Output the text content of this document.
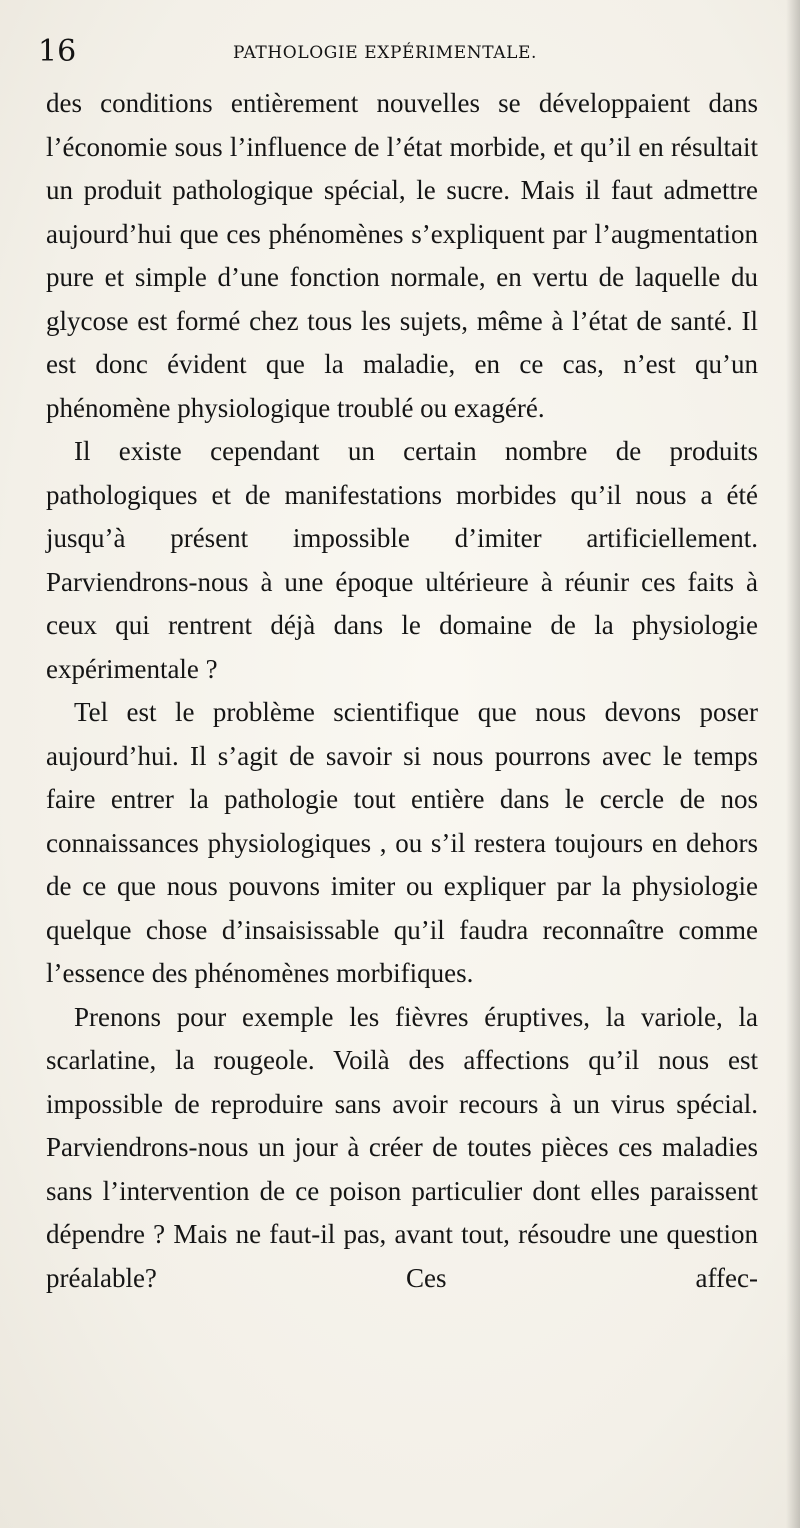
16	PATHOLOGIE EXPÉRIMENTALE.

des conditions entièrement nouvelles se développaient dans l’économie sous l’influence de l’état morbide, et qu’il en résultait un produit pathologique spécial, le sucre. Mais il faut admettre aujourd’hui que ces phénomènes s’expliquent par l’augmentation pure et simple d’une fonction normale, en vertu de laquelle du glycose est formé chez tous les sujets, même à l’état de santé. Il est donc évident que la maladie, en ce cas, n’est qu’un phénomène physiologique troublé ou exagéré.

Il existe cependant un certain nombre de produits pathologiques et de manifestations morbides qu’il nous a été jusqu’à présent impossible d’imiter artificiellement. Parviendrons-nous à une époque ultérieure à réunir ces faits à ceux qui rentrent déjà dans le domaine de la physiologie expérimentale ?

Tel est le problème scientifique que nous devons poser aujourd’hui. Il s’agit de savoir si nous pourrons avec le temps faire entrer la pathologie tout entière dans le cercle de nos connaissances physiologiques , ou s’il restera toujours en dehors de ce que nous pouvons imiter ou expliquer par la physiologie quelque chose d’insaisissable qu’il faudra reconnaître comme l’essence des phénomènes morbifiques.

Prenons pour exemple les fièvres éruptives, la variole, la scarlatine, la rougeole. Voilà des affections qu’il nous est impossible de reproduire sans avoir recours à un virus spécial. Parviendrons-nous un jour à créer de toutes pièces ces maladies sans l’intervention de ce poison particulier dont elles paraissent dépendre ? Mais ne faut-il pas, avant tout, résoudre une question préalable? Ces affec-
